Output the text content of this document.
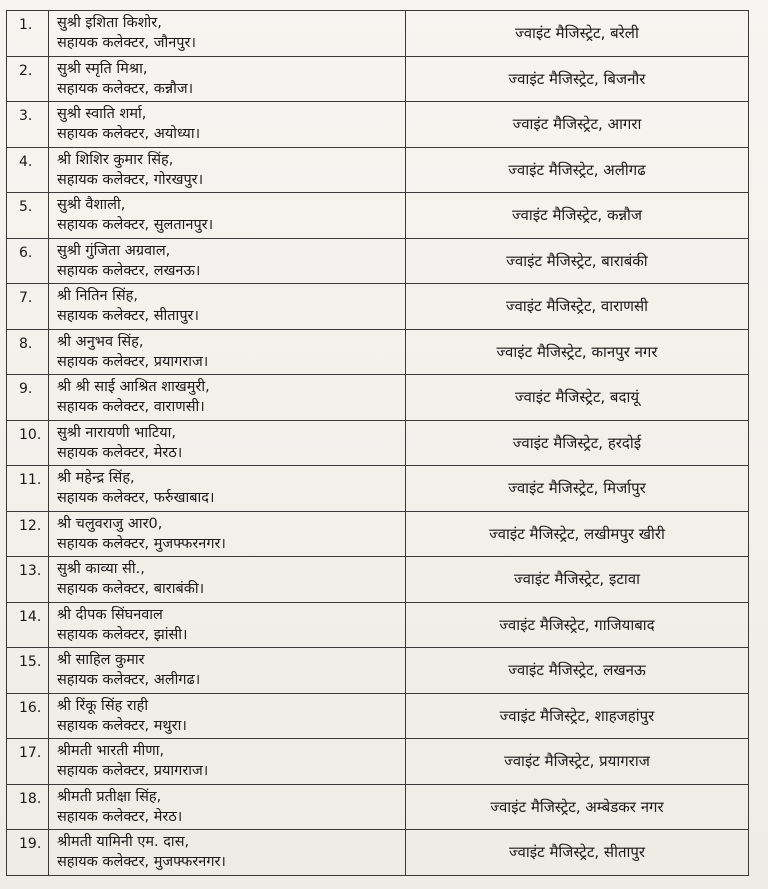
1.	सुश्री इशिता किशोर,
सहायक कलेक्टर, जौनपुर।	ज्वाइंट मैजिस्ट्रेट, बरेली
2.	सुश्री स्मृति मिश्रा,
सहायक कलेक्टर, कन्नौज।	ज्वाइंट मैजिस्ट्रेट, बिजनौर
3.	सुश्री स्वाति शर्मा,
सहायक कलेक्टर, अयोध्या।	ज्वाइंट मैजिस्ट्रेट, आगरा
4.	श्री शिशिर कुमार सिंह,
सहायक कलेक्टर, गोरखपुर।	ज्वाइंट मैजिस्ट्रेट, अलीगढ
5.	सुश्री वैशाली,
सहायक कलेक्टर, सुलतानपुर।	ज्वाइंट मैजिस्ट्रेट, कन्नौज
6.	सुश्री गुंजिता अग्रवाल,
सहायक कलेक्टर, लखनऊ।	ज्वाइंट मैजिस्ट्रेट, बाराबंकी
7.	श्री नितिन सिंह,
सहायक कलेक्टर, सीतापुर।	ज्वाइंट मैजिस्ट्रेट, वाराणसी
8.	श्री अनुभव सिंह,
सहायक कलेक्टर, प्रयागराज।	ज्वाइंट मैजिस्ट्रेट, कानपुर नगर
9.	श्री श्री साई आश्रित शाखमुरी,
सहायक कलेक्टर, वाराणसी।	ज्वाइंट मैजिस्ट्रेट, बदायूं
10.	सुश्री नारायणी भाटिया,
सहायक कलेक्टर, मेरठ।	ज्वाइंट मैजिस्ट्रेट, हरदोई
11.	श्री महेन्द्र सिंह,
सहायक कलेक्टर, फर्रुखाबाद।	ज्वाइंट मैजिस्ट्रेट, मिर्जापुर
12.	श्री चलुवराजु आर0,
सहायक कलेक्टर, मुजफ्फरनगर।	ज्वाइंट मैजिस्ट्रेट, लखीमपुर खीरी
13.	सुश्री काव्या सी.,
सहायक कलेक्टर, बाराबंकी।	ज्वाइंट मैजिस्ट्रेट, इटावा
14.	श्री दीपक सिंघनवाल
सहायक कलेक्टर, झांसी।	ज्वाइंट मैजिस्ट्रेट, गाजियाबाद
15.	श्री साहिल कुमार
सहायक कलेक्टर, अलीगढ।	ज्वाइंट मैजिस्ट्रेट, लखनऊ
16.	श्री रिंकू सिंह राही
सहायक कलेक्टर, मथुरा।	ज्वाइंट मैजिस्ट्रेट, शाहजहांपुर
17.	श्रीमती भारती मीणा,
सहायक कलेक्टर, प्रयागराज।	ज्वाइंट मैजिस्ट्रेट, प्रयागराज
18.	श्रीमती प्रतीक्षा सिंह,
सहायक कलेक्टर, मेरठ।	ज्वाइंट मैजिस्ट्रेट, अम्बेडकर नगर
19.	श्रीमती यामिनी एम. दास,
सहायक कलेक्टर, मुजफ्फरनगर।	ज्वाइंट मैजिस्ट्रेट, सीतापुर
